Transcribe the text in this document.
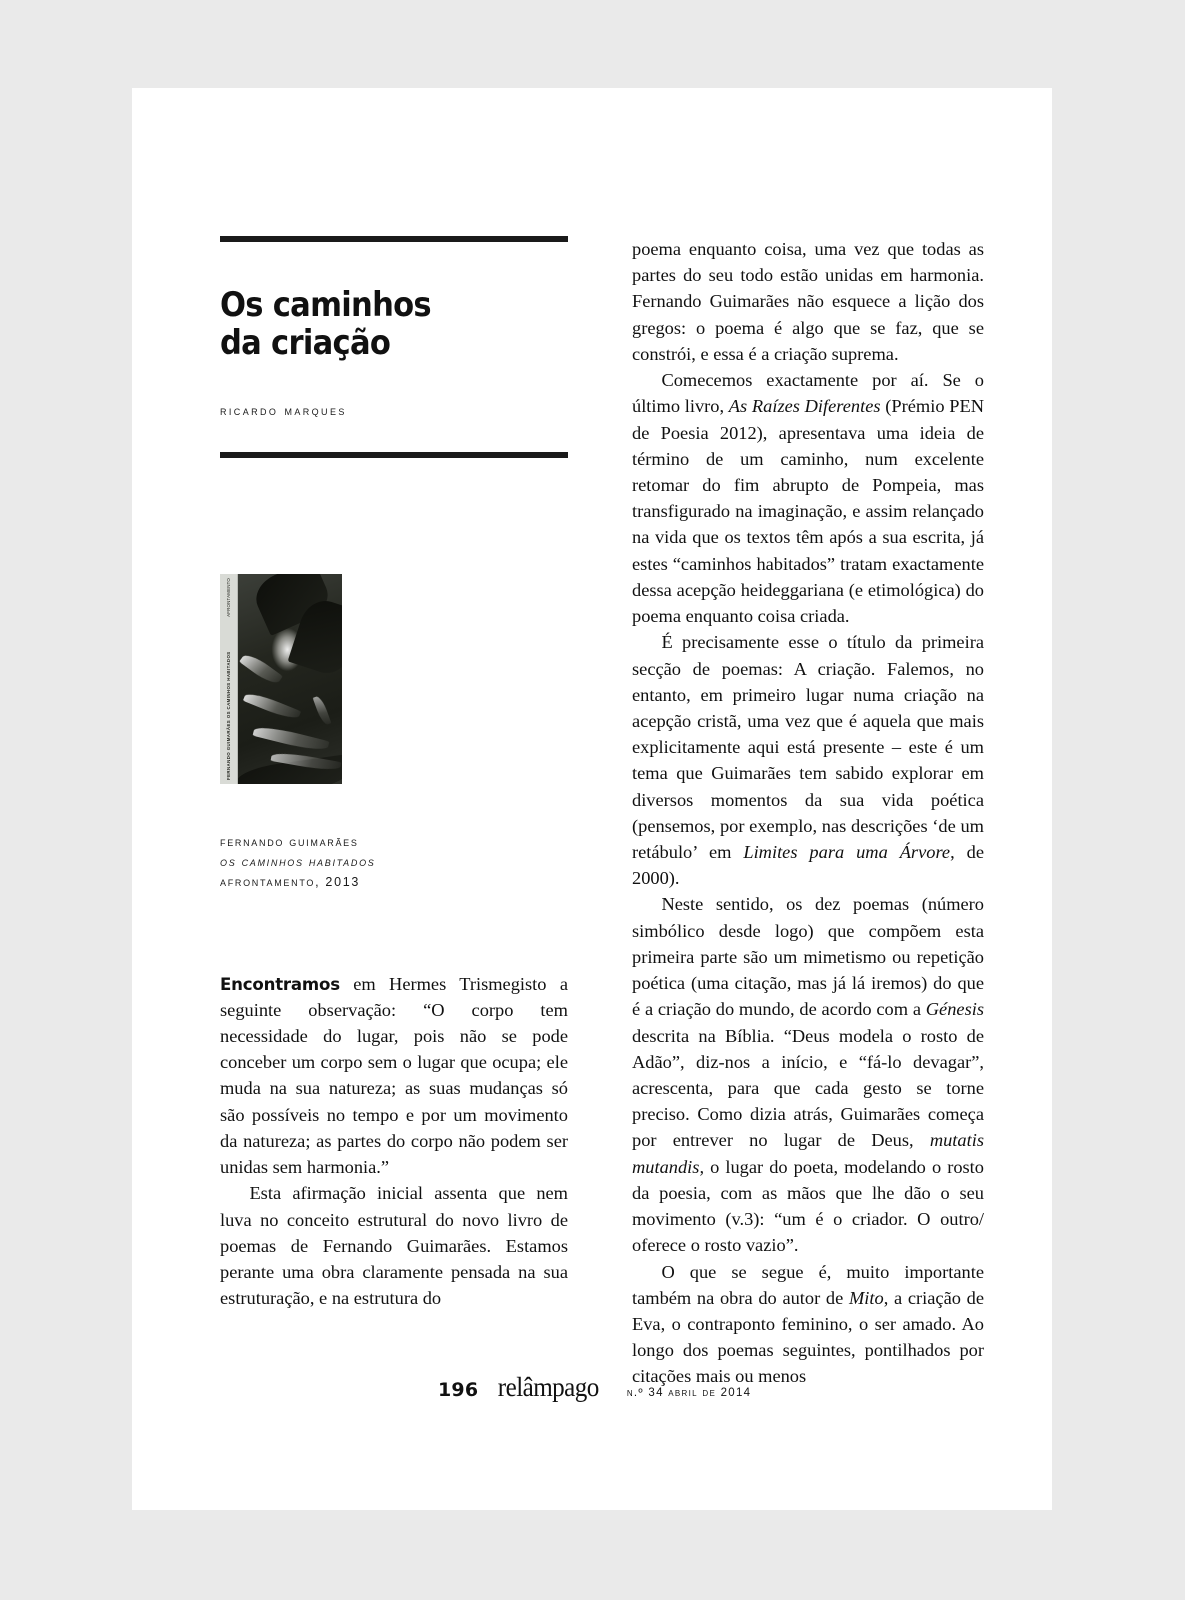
Os caminhos
da criação

ricardo marques

FERNANDO GUIMARÃES OS CAMINHOS HABITADOS
AFRONTAMENTO
fernando guimarães
os caminhos habitados
afrontamento, 2013

Encontramos em Hermes Trismegisto a seguinte observação: “O corpo tem necessidade do lugar, pois não se pode conceber um corpo sem o lugar que ocupa; ele muda na sua natureza; as suas mudanças só são possíveis no tempo e por um movimento da natureza; as partes do corpo não podem ser unidas sem harmonia.”

Esta afirmação inicial assenta que nem luva no conceito estrutural do novo livro de poemas de Fernando Guimarães. Estamos perante uma obra claramente pensada na sua estruturação, e na estrutura do

poema enquanto coisa, uma vez que todas as partes do seu todo estão unidas em harmonia. Fernando Guimarães não esquece a lição dos gregos: o poema é algo que se faz, que se constrói, e essa é a criação suprema.

Comecemos exactamente por aí. Se o último livro, As Raízes Diferentes (Prémio PEN de Poesia 2012), apresentava uma ideia de término de um caminho, num excelente retomar do fim abrupto de Pompeia, mas transfigurado na imaginação, e assim relançado na vida que os textos têm após a sua escrita, já estes “caminhos habitados” tratam exactamente dessa acepção heideggariana (e etimológica) do poema enquanto coisa criada.

É precisamente esse o título da primeira secção de poemas: A criação. Falemos, no entanto, em primeiro lugar numa criação na acepção cristã, uma vez que é aquela que mais explicitamente aqui está presente – este é um tema que Guimarães tem sabido explorar em diversos momentos da sua vida poética (pensemos, por exemplo, nas descrições ‘de um retábulo’ em Limites para uma Árvore, de 2000).

Neste sentido, os dez poemas (número simbólico desde logo) que compõem esta primeira parte são um mimetismo ou repetição poética (uma citação, mas já lá iremos) do que é a criação do mundo, de acordo com a Génesis descrita na Bíblia. “Deus modela o rosto de Adão”, diz-nos a início, e “fá-lo devagar”, acrescenta, para que cada gesto se torne preciso. Como dizia atrás, Guimarães começa por entrever no lugar de Deus, mutatis mutandis, o lugar do poeta, modelando o rosto da poesia, com as mãos que lhe dão o seu movimento (v.3): “um é o criador. O outro/ oferece o rosto vazio”.

O que se segue é, muito importante também na obra do autor de Mito, a criação de Eva, o contraponto feminino, o ser amado. Ao longo dos poemas seguintes, pontilhados por citações mais ou menos

196 relâmpago n.º 34 abril de 2014
